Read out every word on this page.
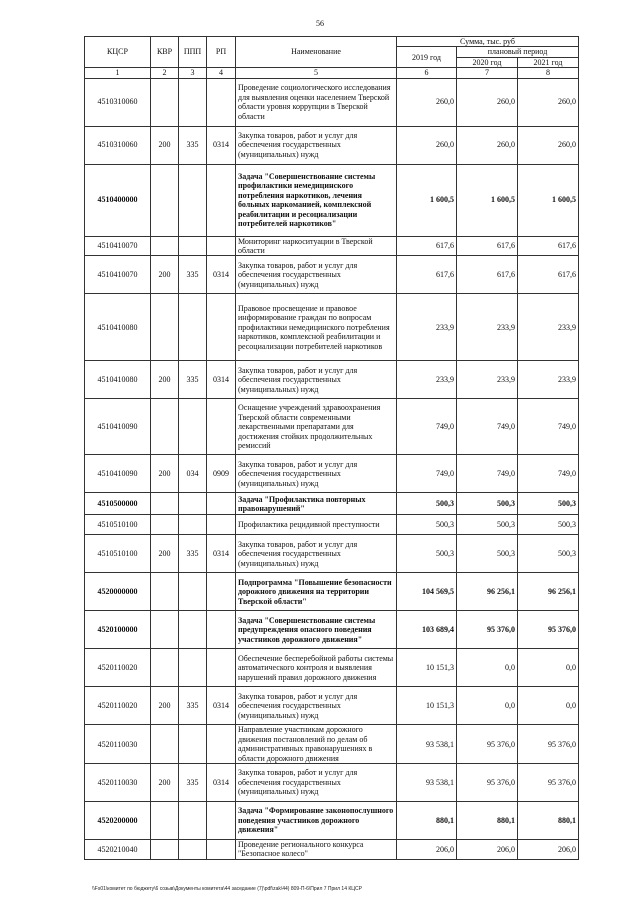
56
КЦСР	КВР	ППП	РП	Наименование	Сумма, тыс. руб		
					2019 год	плановый период	
						2020 год	2021 год
1	2	3	4	5	6	7	8
4510310060				Проведение социологического исследования для выявления оценки населением Тверской области уровня коррупции в Тверской области	260,0	260,0	260,0
4510310060	200	335	0314	Закупка товаров, работ и услуг для обеспечения государственных (муниципальных) нужд	260,0	260,0	260,0
4510400000				Задача "Совершенствование системы профилактики немедицинского потребления наркотиков, лечения больных наркоманией, комплексной реабилитации и ресоциализации потребителей наркотиков"	1 600,5	1 600,5	1 600,5
4510410070				Мониторинг наркоситуации в Тверской области	617,6	617,6	617,6
4510410070	200	335	0314	Закупка товаров, работ и услуг для обеспечения государственных (муниципальных) нужд	617,6	617,6	617,6
4510410080				Правовое просвещение и правовое информирование граждан по вопросам профилактики немедицинского потребления наркотиков, комплексной реабилитации и ресоциализации потребителей наркотиков	233,9	233,9	233,9
4510410080	200	335	0314	Закупка товаров, работ и услуг для обеспечения государственных (муниципальных) нужд	233,9	233,9	233,9
4510410090				Оснащение учреждений здравоохранения Тверской области современными лекарственными препаратами для достижения стойких продолжительных ремиссий	749,0	749,0	749,0
4510410090	200	034	0909	Закупка товаров, работ и услуг для обеспечения государственных (муниципальных) нужд	749,0	749,0	749,0
4510500000				Задача "Профилактика повторных правонарушений"	500,3	500,3	500,3
4510510100				Профилактика рецидивной преступности	500,3	500,3	500,3
4510510100	200	335	0314	Закупка товаров, работ и услуг для обеспечения государственных (муниципальных) нужд	500,3	500,3	500,3
4520000000				Подпрограмма "Повышение безопасности дорожного движения на территории Тверской области"	104 569,5	96 256,1	96 256,1
4520100000				Задача "Совершенствование системы предупреждения опасного поведения участников дорожного движения"	103 689,4	95 376,0	95 376,0
4520110020				Обеспечение бесперебойной работы системы автоматического контроля и выявления нарушений правил дорожного движения	10 151,3	0,0	0,0
4520110020	200	335	0314	Закупка товаров, работ и услуг для обеспечения государственных (муниципальных) нужд	10 151,3	0,0	0,0
4520110030				Направление участникам дорожного движения постановлений по делам об административных правонарушениях в области дорожного движения	93 538,1	95 376,0	95 376,0
4520110030	200	335	0314	Закупка товаров, работ и услуг для обеспечения государственных (муниципальных) нужд	93 538,1	95 376,0	95 376,0
4520200000				Задача "Формирование законопослушного поведения участников дорожного движения"	880,1	880,1	880,1
4520210040				Проведение регионального конкурса "Безопасное колесо"	206,0	206,0	206,0
\\Fs01\комитет по бюджету\6 созыв\Документы комитета\44 заседание (7)\pdf\zak\44) 809-П-6\Прил 7 Прил 14 КЦСР
